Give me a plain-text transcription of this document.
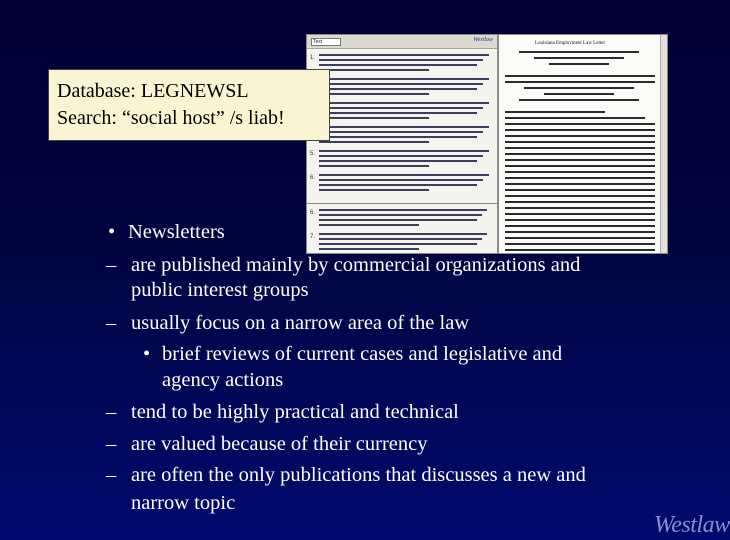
Text	Westlaw
1.
5.
6.
6.
7.
Louisiana Employment Law Letter
Database: LEGNEWSL
Search: “social host” /s liab!
• Newsletters
– are published mainly by commercial organizations and
public interest groups
– usually focus on a narrow area of the law
• brief reviews of current cases and legislative and
agency actions
– tend to be highly practical and technical
– are valued because of their currency
– are often the only publications that discusses a new and
narrow topic
Westlaw
